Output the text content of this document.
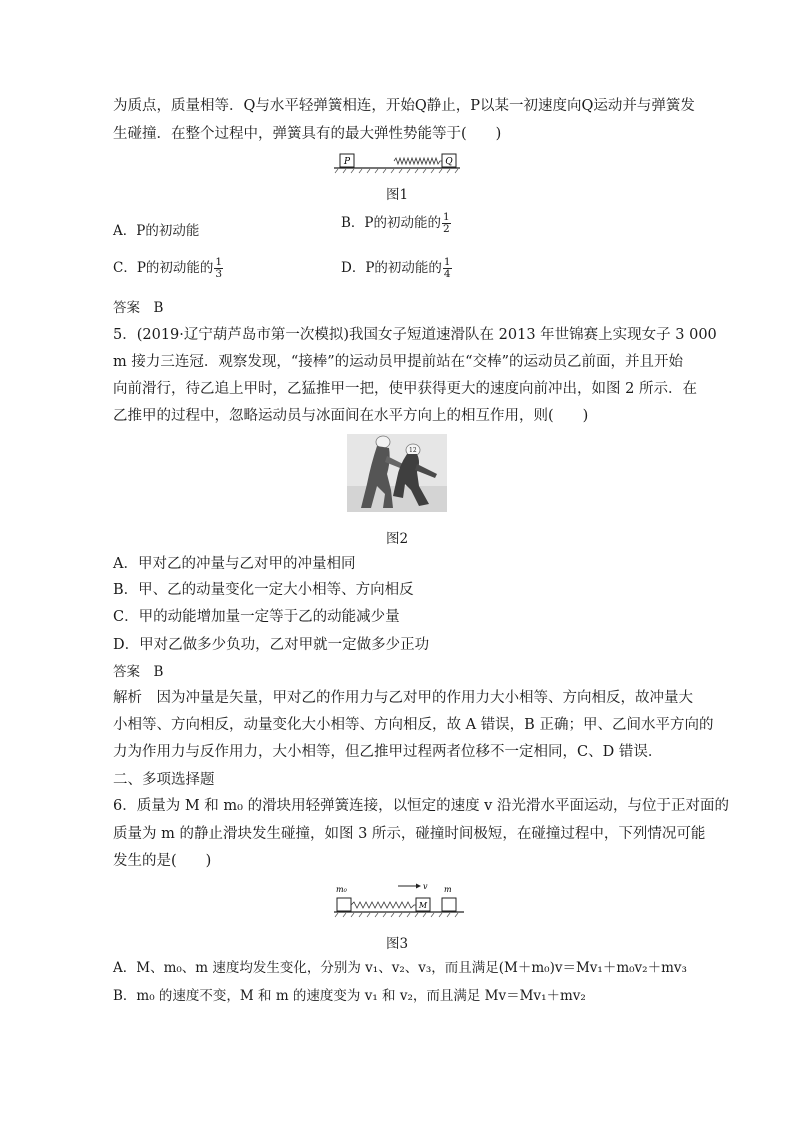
为质点，质量相等．Q与水平轻弹簧相连，开始Q静止，P以某一初速度向Q运动并与弹簧发
生碰撞．在整个过程中，弹簧具有的最大弹性势能等于(　　)
P	Q
图1
A．P的初动能	B．P的初动能的 $\frac{1}{2}$
C．P的初动能的 $\frac{1}{3}$	D．P的初动能的 $\frac{1}{4}$
答案　B
5．(2019·辽宁葫芦岛市第一次模拟)我国女子短道速滑队在 2013 年世锦赛上实现女子 3 000
m 接力三连冠．观察发现，“接棒”的运动员甲提前站在“交棒”的运动员乙前面，并且开始
向前滑行，待乙追上甲时，乙猛推甲一把，使甲获得更大的速度向前冲出，如图 2 所示．在
乙推甲的过程中，忽略运动员与冰面间在水平方向上的相互作用，则(　　)
12
图2
A．甲对乙的冲量与乙对甲的冲量相同
B．甲、乙的动量变化一定大小相等、方向相反
C．甲的动能增加量一定等于乙的动能减少量
D．甲对乙做多少负功，乙对甲就一定做多少正功
答案　B
解析　因为冲量是矢量，甲对乙的作用力与乙对甲的作用力大小相等、方向相反，故冲量大
小相等、方向相反，动量变化大小相等、方向相反，故 A 错误，B 正确；甲、乙间水平方向的
力为作用力与反作用力，大小相等，但乙推甲过程两者位移不一定相同，C、D 错误．
二、多项选择题
6．质量为 M 和 m₀ 的滑块用轻弹簧连接，以恒定的速度 v 沿光滑水平面运动，与位于正对面的
质量为 m 的静止滑块发生碰撞，如图 3 所示，碰撞时间极短，在碰撞过程中，下列情况可能
发生的是(　　)
m₀
M
v m
图3
A．M、m₀、m 速度均发生变化，分别为 v₁、v₂、v₃，而且满足(M＋m₀)v＝Mv₁＋m₀v₂＋mv₃
B．m₀ 的速度不变，M 和 m 的速度变为 v₁ 和 v₂，而且满足 Mv＝Mv₁＋mv₂
